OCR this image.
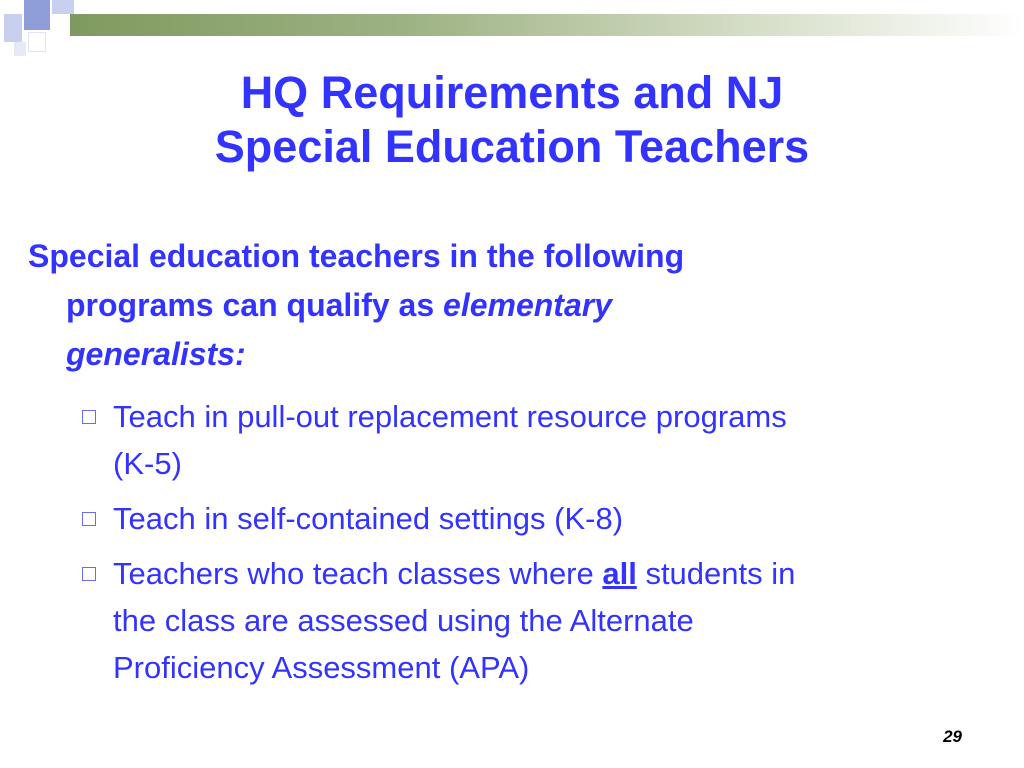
HQ Requirements and NJ
Special Education Teachers
Special education teachers in the following
programs can qualify as elementary
generalists:
Teach in pull-out replacement resource programs
(K-5)
Teach in self-contained settings (K-8)
Teachers who teach classes where all students in
the class are assessed using the Alternate
Proficiency Assessment (APA)
29
